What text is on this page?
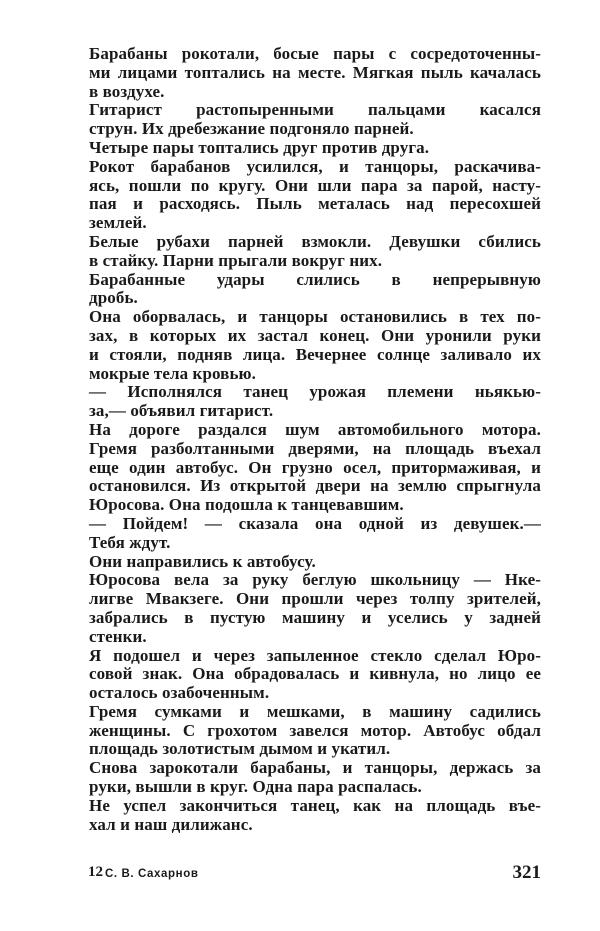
Барабаны рокотали, босые пары с сосредоточенны-
ми лицами топтались на месте. Мягкая пыль качалась
в воздухе.
Гитарист растопыренными пальцами касался
струн. Их дребезжание подгоняло парней.
Четыре пары топтались друг против друга.
Рокот барабанов усилился, и танцоры, раскачива-
ясь, пошли по кругу. Они шли пара за парой, насту-
пая и расходясь. Пыль металась над пересохшей
землей.
Белые рубахи парней взмокли. Девушки сбились
в стайку. Парни прыгали вокруг них.
Барабанные удары слились в непрерывную
дробь.
Она оборвалась, и танцоры остановились в тех по-
зах, в которых их застал конец. Они уронили руки
и стояли, подняв лица. Вечернее солнце заливало их
мокрые тела кровью.
— Исполнялся танец урожая племени ньякью-
за,— объявил гитарист.
На дороге раздался шум автомобильного мотора.
Гремя разболтанными дверями, на площадь въехал
еще один автобус. Он грузно осел, притормаживая, и
остановился. Из открытой двери на землю спрыгнула
Юросова. Она подошла к танцевавшим.
— Пойдем! — сказала она одной из девушек.—
Тебя ждут.
Они направились к автобусу.
Юросова вела за руку беглую школьницу — Нке-
лигве Мвакзеге. Они прошли через толпу зрителей,
забрались в пустую машину и уселись у задней
стенки.
Я подошел и через запыленное стекло сделал Юро-
совой знак. Она обрадовалась и кивнула, но лицо ее
осталось озабоченным.
Гремя сумками и мешками, в машину садились
женщины. С грохотом завелся мотор. Автобус обдал
площадь золотистым дымом и укатил.
Снова зарокотали барабаны, и танцоры, держась за
руки, вышли в круг. Одна пара распалась.
Не успел закончиться танец, как на площадь въе-
хал и наш дилижанс.
12 С. В. Сахарнов	321
